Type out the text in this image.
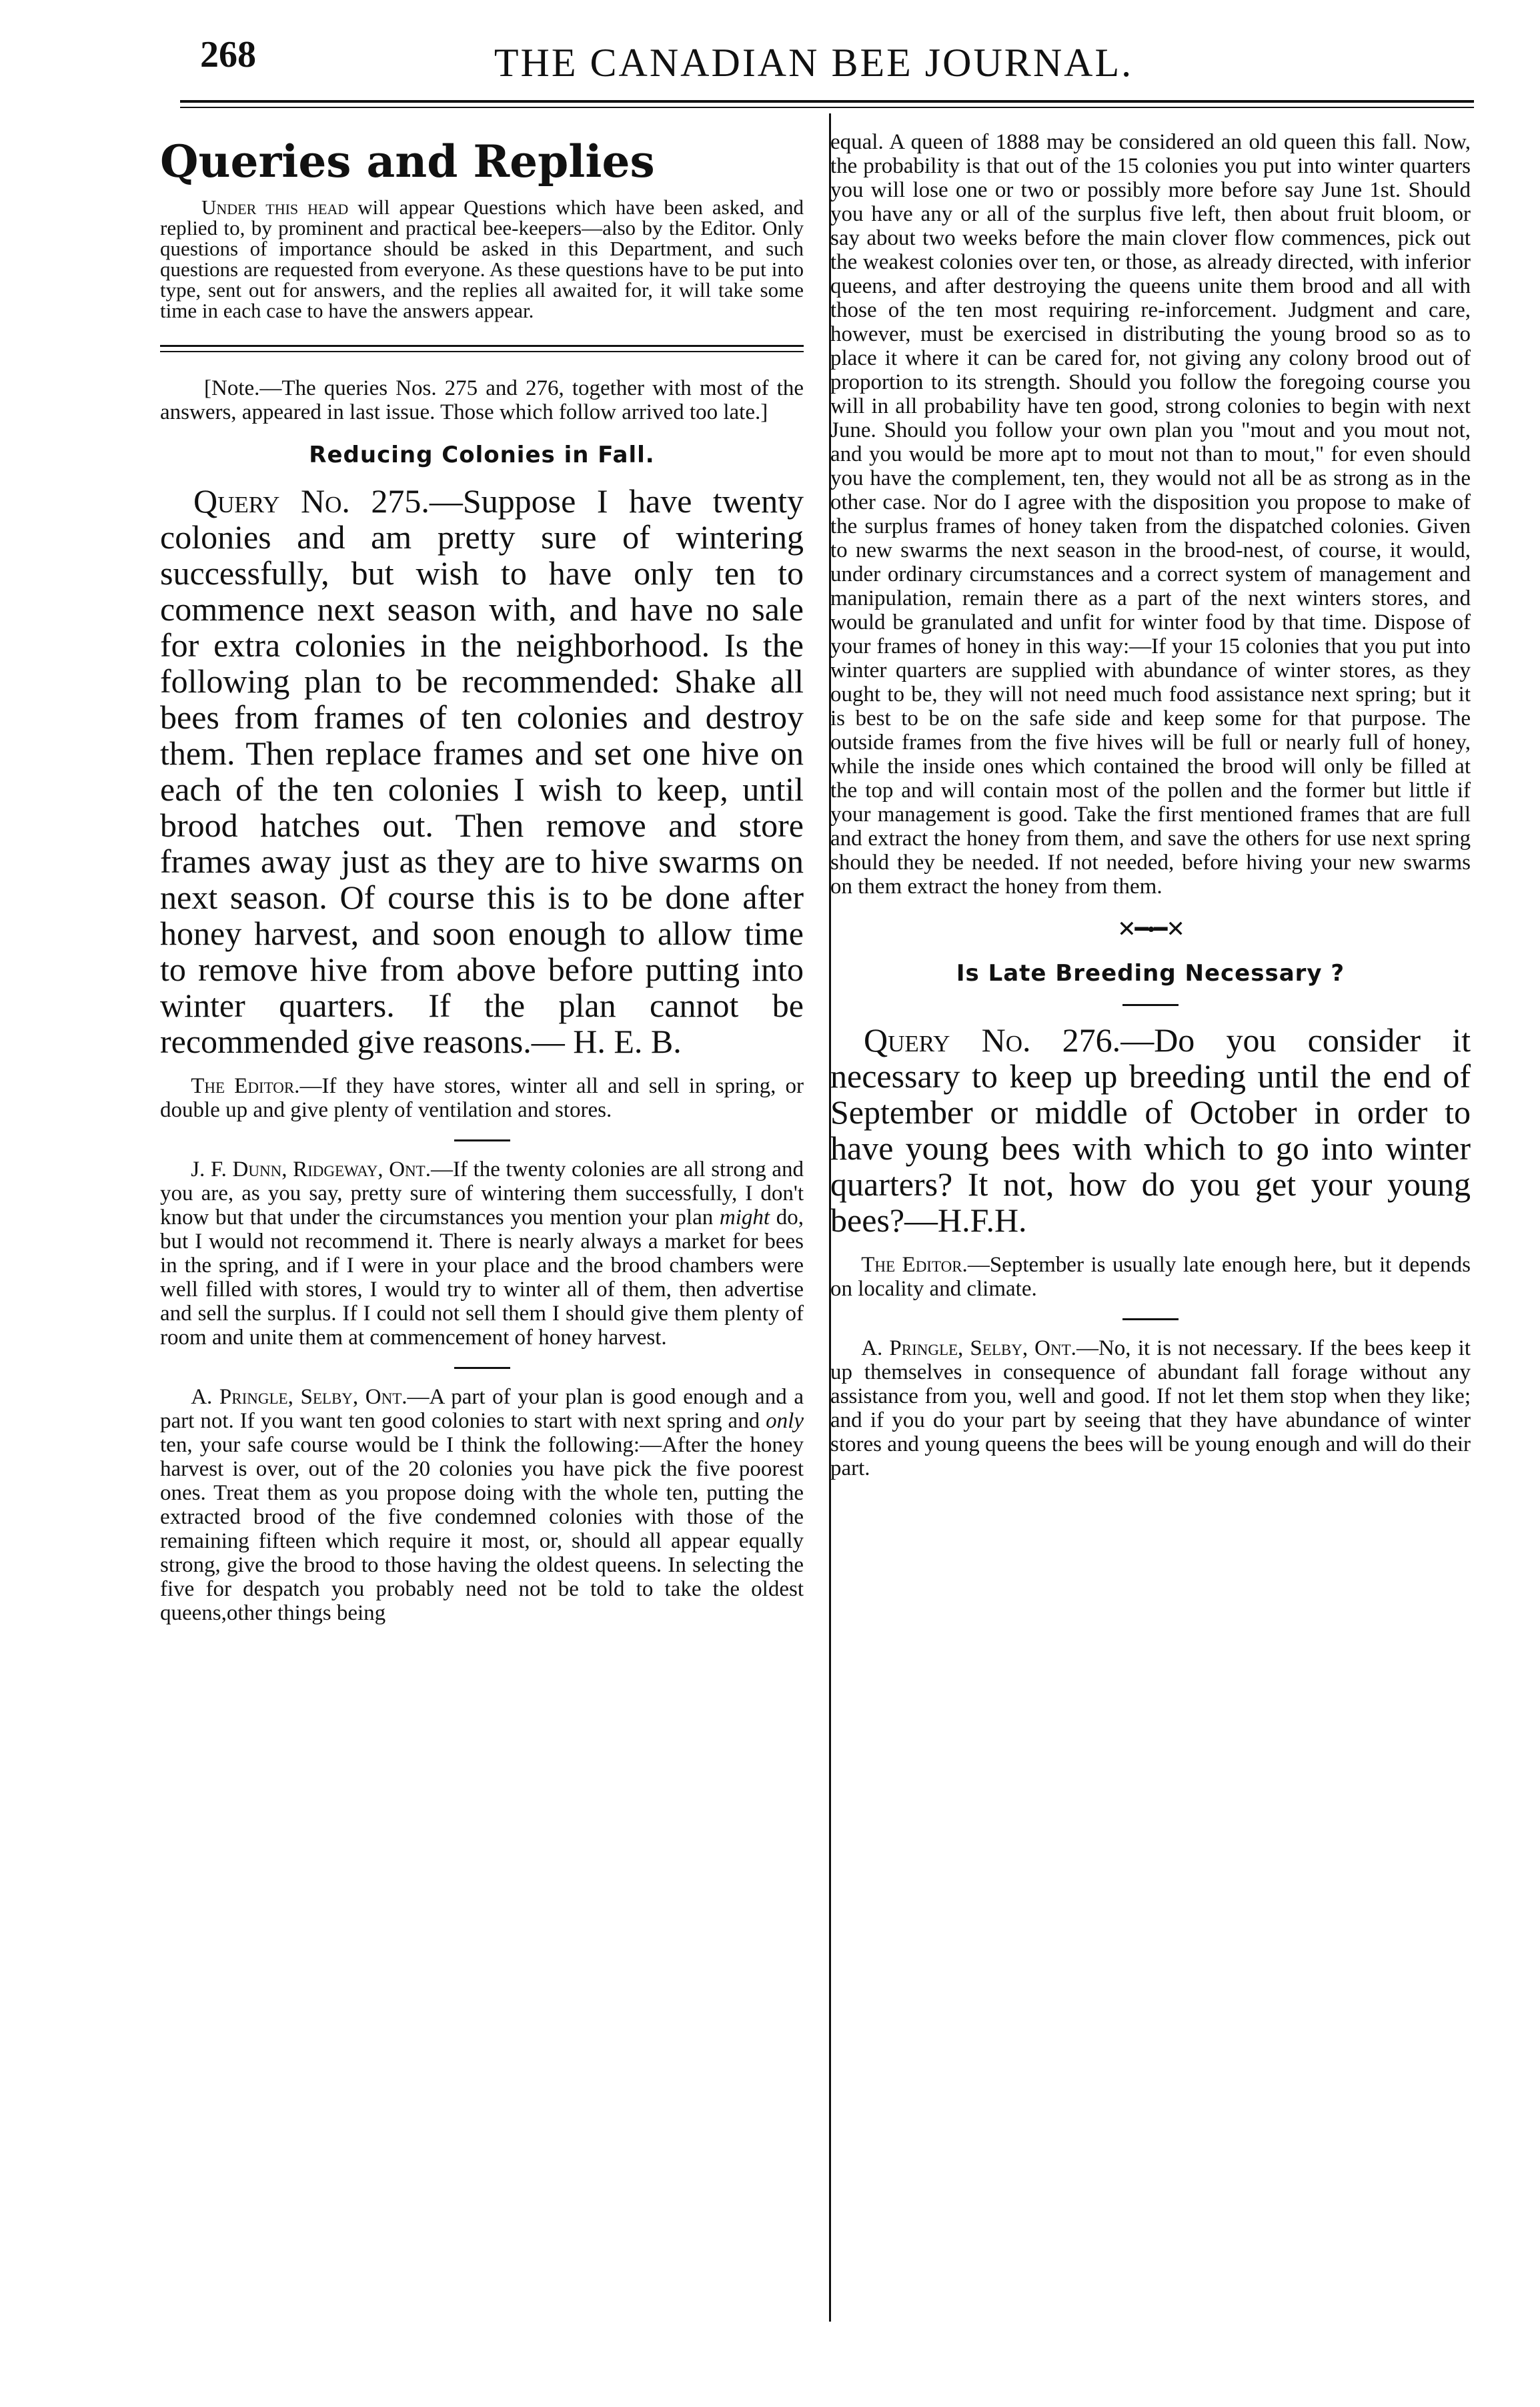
268	THE CANADIAN BEE JOURNAL.
Queries and Replies

Under this head will appear Questions which have been asked, and replied to, by prominent and practical bee-keepers—also by the Editor. Only questions of importance should be asked in this Department, and such questions are requested from everyone. As these questions have to be put into type, sent out for answers, and the replies all awaited for, it will take some time in each case to have the answers appear.

[Note.—The queries Nos. 275 and 276, together with most of the answers, appeared in last issue. Those which follow arrived too late.]

Reducing Colonies in Fall.

Query No. 275.—Suppose I have twenty colonies and am pretty sure of wintering successfully, but wish to have only ten to commence next season with, and have no sale for extra colonies in the neighborhood. Is the following plan to be recommended: Shake all bees from frames of ten colonies and destroy them. Then replace frames and set one hive on each of the ten colonies I wish to keep, until brood hatches out. Then remove and store frames away just as they are to hive swarms on next season. Of course this is to be done after honey harvest, and soon enough to allow time to remove hive from above before putting into winter quarters. If the plan cannot be recommended give reasons.— H. E. B.

The Editor.—If they have stores, winter all and sell in spring, or double up and give plenty of ventilation and stores.

J. F. Dunn, Ridgeway, Ont.—If the twenty colonies are all strong and you are, as you say, pretty sure of wintering them successfully, I don't know but that under the circumstances you mention your plan might do, but I would not recommend it. There is nearly always a market for bees in the spring, and if I were in your place and the brood chambers were well filled with stores, I would try to winter all of them, then advertise and sell the surplus. If I could not sell them I should give them plenty of room and unite them at commencement of honey harvest.

A. Pringle, Selby, Ont.—A part of your plan is good enough and a part not. If you want ten good colonies to start with next spring and only ten, your safe course would be I think the following:—After the honey harvest is over, out of the 20 colonies you have pick the five poorest ones. Treat them as you propose doing with the whole ten, putting the extracted brood of the five condemned colonies with those of the remaining fifteen which require it most, or, should all appear equally strong, give the brood to those having the oldest queens. In selecting the five for despatch you probably need not be told to take the oldest queens,other things being

equal. A queen of 1888 may be considered an old queen this fall. Now, the probability is that out of the 15 colonies you put into winter quarters you will lose one or two or possibly more before say June 1st. Should you have any or all of the surplus five left, then about fruit bloom, or say about two weeks before the main clover flow commences, pick out the weakest colonies over ten, or those, as already directed, with inferior queens, and after destroying the queens unite them brood and all with those of the ten most requiring re-inforcement. Judgment and care, however, must be exercised in distributing the young brood so as to place it where it can be cared for, not giving any colony brood out of proportion to its strength. Should you follow the foregoing course you will in all probability have ten good, strong colonies to begin with next June. Should you follow your own plan you "mout and you mout not, and you would be more apt to mout not than to mout," for even should you have the complement, ten, they would not all be as strong as in the other case. Nor do I agree with the disposition you propose to make of the surplus frames of honey taken from the dispatched colonies. Given to new swarms the next season in the brood-nest, of course, it would, under ordinary circumstances and a correct system of management and manipulation, remain there as a part of the next winters stores, and would be granulated and unfit for winter food by that time. Dispose of your frames of honey in this way:—If your 15 colonies that you put into winter quarters are supplied with abundance of winter stores, as they ought to be, they will not need much food assistance next spring; but it is best to be on the safe side and keep some for that purpose. The outside frames from the five hives will be full or nearly full of honey, while the inside ones which contained the brood will only be filled at the top and will contain most of the pollen and the former but little if your management is good. Take the first mentioned frames that are full and extract the honey from them, and save the others for use next spring should they be needed. If not needed, before hiving your new swarms on them extract the honey from them.

✕━•━✕
Is Late Breeding Necessary ?

Query No. 276.—Do you consider it necessary to keep up breeding until the end of September or middle of October in order to have young bees with which to go into winter quarters? It not, how do you get your young bees?—H.F.H.

The Editor.—September is usually late enough here, but it depends on locality and climate.

A. Pringle, Selby, Ont.—No, it is not necessary. If the bees keep it up themselves in consequence of abundant fall forage without any assistance from you, well and good. If not let them stop when they like; and if you do your part by seeing that they have abundance of winter stores and young queens the bees will be young enough and will do their part.
